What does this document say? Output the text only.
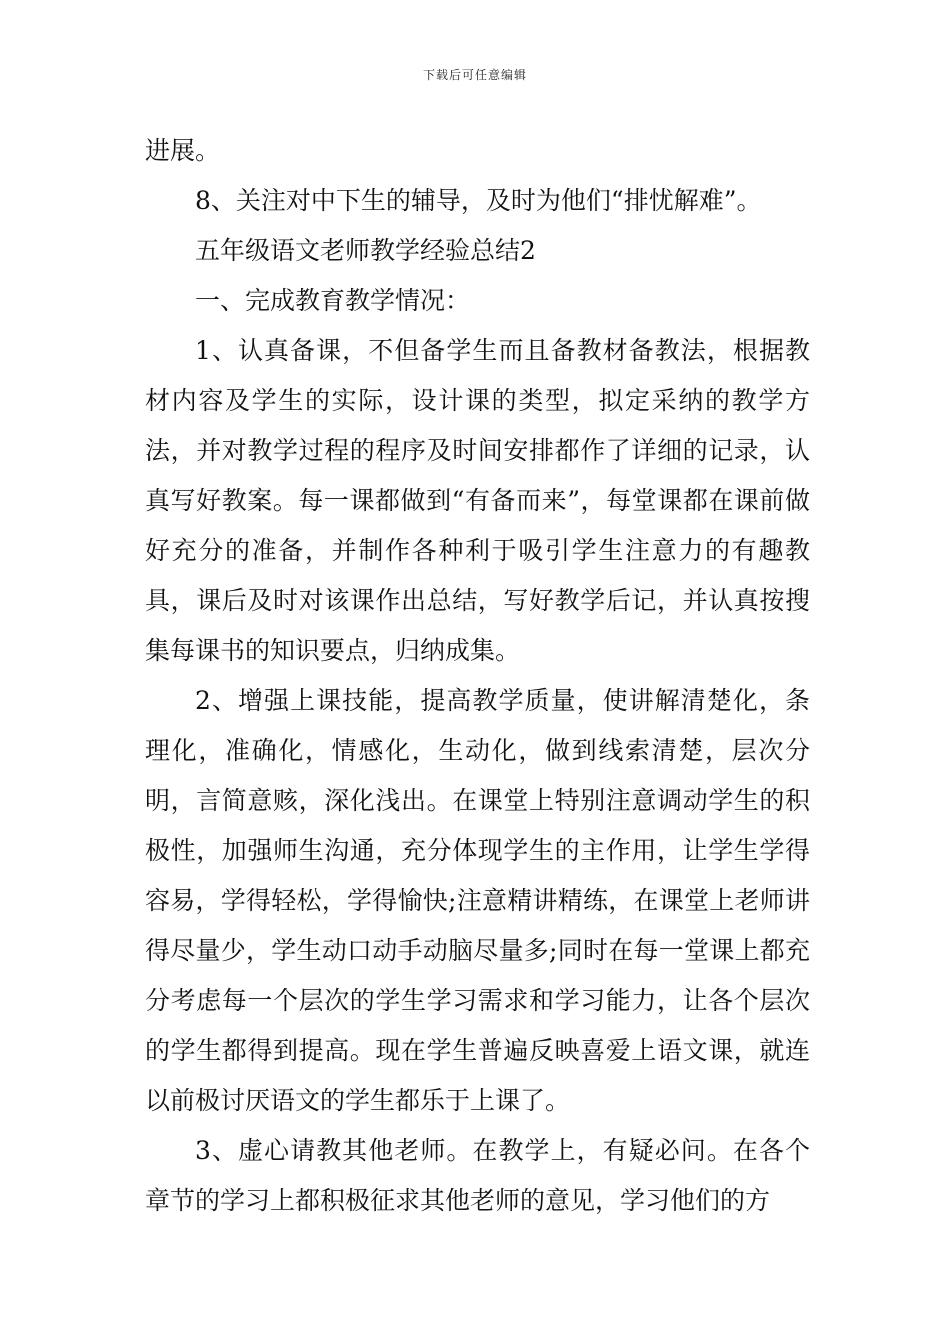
下载后可任意编辑

进展。

8、关注对中下生的辅导，及时为他们“排忧解难”。

五年级语文老师教学经验总结2

一、完成教育教学情况：

1、认真备课，不但备学生而且备教材备教法，根据教材内容及学生的实际，设计课的类型，拟定采纳的教学方法，并对教学过程的程序及时间安排都作了详细的记录，认真写好教案。每一课都做到“有备而来”，每堂课都在课前做好充分的准备，并制作各种利于吸引学生注意力的有趣教具，课后及时对该课作出总结，写好教学后记，并认真按搜集每课书的知识要点，归纳成集。

2、增强上课技能，提高教学质量，使讲解清楚化，条理化，准确化，情感化，生动化，做到线索清楚，层次分明，言简意赅，深化浅出。在课堂上特别注意调动学生的积极性，加强师生沟通，充分体现学生的主作用，让学生学得容易，学得轻松，学得愉快;注意精讲精练，在课堂上老师讲得尽量少，学生动口动手动脑尽量多;同时在每一堂课上都充分考虑每一个层次的学生学习需求和学习能力，让各个层次的学生都得到提高。现在学生普遍反映喜爱上语文课，就连以前极讨厌语文的学生都乐于上课了。

3、虚心请教其他老师。在教学上，有疑必问。在各个章节的学习上都积极征求其他老师的意见，学习他们的方
